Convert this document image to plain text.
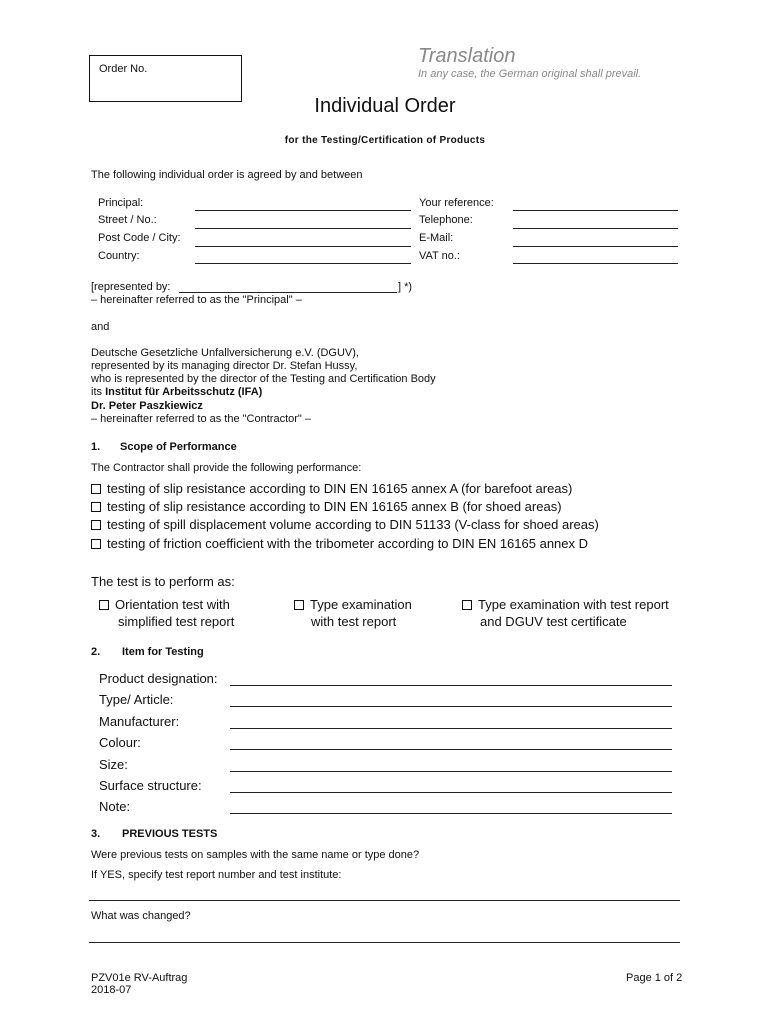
Order No.
Translation
In any case, the German original shall prevail.
Individual Order
for the Testing/Certification of Products
The following individual order is agreed by and between
Principal:
Street / No.:
Post Code / City:
Country:
Your reference:
Telephone:
E-Mail:
VAT no.:
[represented by:	] *)
– hereinafter referred to as the "Principal" –
and
Deutsche Gesetzliche Unfallversicherung e.V. (DGUV),
represented by its managing director Dr. Stefan Hussy,
who is represented by the director of the Testing and Certification Body
its Institut für Arbeitsschutz (IFA)
Dr. Peter Paszkiewicz
– hereinafter referred to as the "Contractor" –
1. Scope of Performance
The Contractor shall provide the following performance:
testing of slip resistance according to DIN EN 16165 annex A (for barefoot areas)
testing of slip resistance according to DIN EN 16165 annex B (for shoed areas)
testing of spill displacement volume according to DIN 51133 (V-class for shoed areas)
testing of friction coefficient with the tribometer according to DIN EN 16165 annex D
The test is to perform as:
Orientation test with
simplified test report
Type examination
with test report
Type examination with test report
and DGUV test certificate
2. Item for Testing
Product designation:
Type/ Article:
Manufacturer:
Colour:
Size:
Surface structure:
Note:
3. PREVIOUS TESTS
Were previous tests on samples with the same name or type done?
If YES, specify test report number and test institute:
What was changed?
PZV01e RV-Auftrag
2018-07
Page 1 of 2
